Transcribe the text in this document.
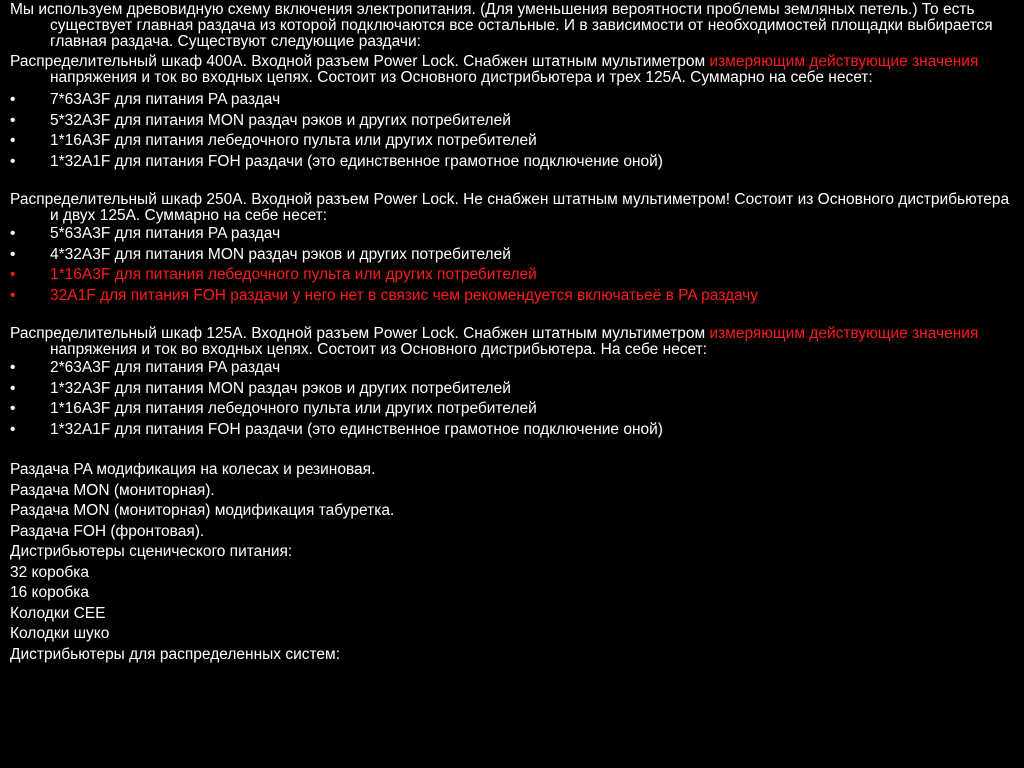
Мы используем древовидную схему включения электропитания. (Для уменьшения вероятности проблемы земляных петель.) То есть существует главная раздача из которой подключаются все остальные. И в зависимости от необходимостей площадки выбирается главная раздача. Существуют следующие раздачи:

Распределительный шкаф 400А. Входной разъем Power Lock. Снабжен штатным мультиметром измеряющим действующие значения напряжения и ток во входных цепях. Состоит из Основного дистрибьютера и трех 125А. Суммарно на себе несет:

• 7*63A3F для питания PA раздач
• 5*32A3F для питания MON раздач рэков и других потребителей
• 1*16A3F для питания лебедочного пульта или других потребителей
• 1*32A1F для питания FOH раздачи (это единственное грамотное подключение оной)

Распределительный шкаф 250А. Входной разъем Power Lock. Не снабжен штатным мультиметром! Состоит из Основного дистрибьютера и двух 125А. Суммарно на себе несет:

• 5*63A3F для питания PA раздач
• 4*32A3F для питания MON раздач рэков и других потребителей
• 1*16A3F для питания лебедочного пульта или других потребителей
• 32A1F для питания FOH раздачи у него нет в связис чем рекомендуется включатьеё в PA раздачу

Распределительный шкаф 125А. Входной разъем Power Lock. Снабжен штатным мультиметром измеряющим действующие значения напряжения и ток во входных цепях. Состоит из Основного дистрибьютера. На себе несет:

• 2*63A3F для питания PA раздач
• 1*32A3F для питания MON раздач рэков и других потребителей
• 1*16A3F для питания лебедочного пульта или других потребителей
• 1*32A1F для питания FOH раздачи (это единственное грамотное подключение оной)

Раздача PA модификация на колесах и резиновая.

Раздача MON (мониторная).

Раздача MON (мониторная) модификация табуретка.

Раздача FOH (фронтовая).

Дистрибьютеры сценического питания:

32 коробка

16 коробка

Колодки CEE

Колодки шуко

Дистрибьютеры для распределенных систем:
